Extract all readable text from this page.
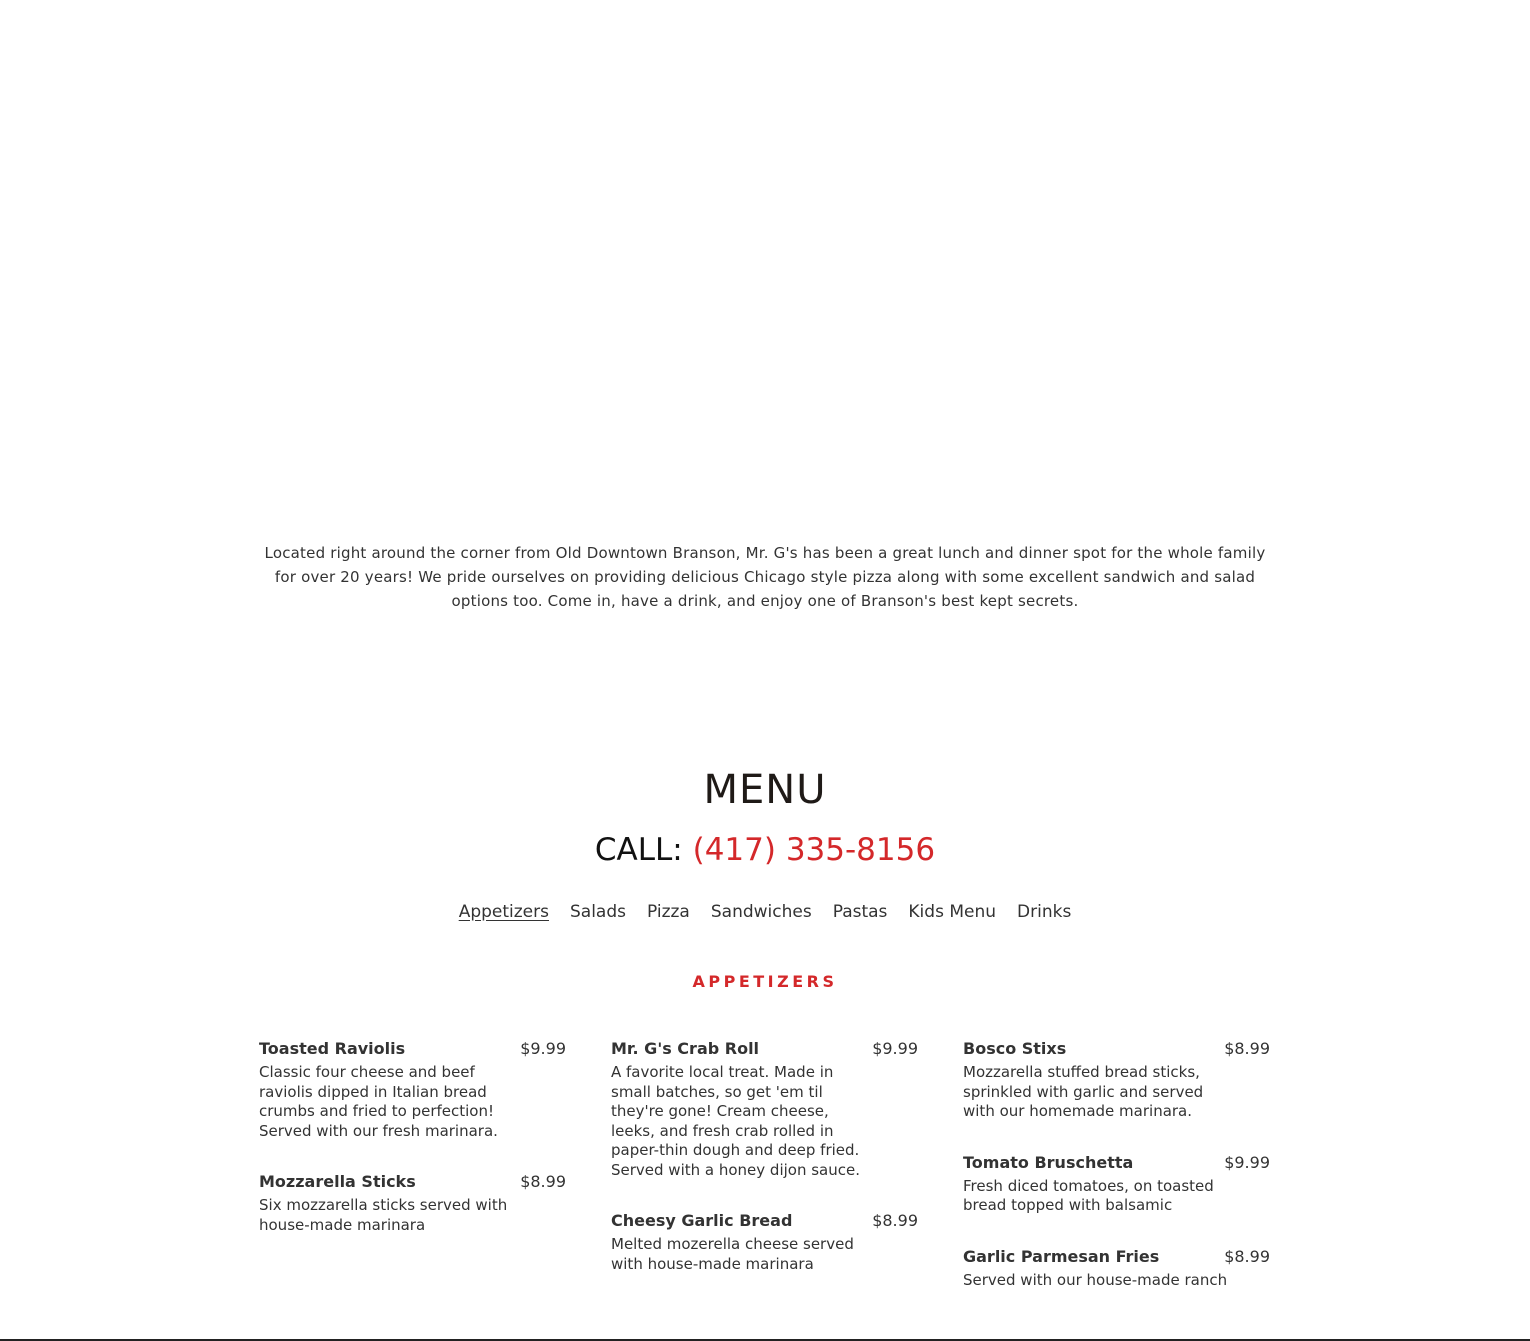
Located right around the corner from Old Downtown Branson, Mr. G's has been a great lunch and dinner spot for the whole family for over 20 years! We pride ourselves on providing delicious Chicago style pizza along with some excellent sandwich and salad options too. Come in, have a drink, and enjoy one of Branson's best kept secrets.

MENU

CALL: (417) 335-8156

Appetizers Salads Pizza Sandwiches Pastas Kids Menu Drinks
APPETIZERS
Toasted Raviolis	$9.99
Classic four cheese and beef raviolis dipped in Italian bread crumbs and fried to perfection! Served with our fresh marinara.
Mozzarella Sticks	$8.99
Six mozzarella sticks served with house-made marinara
Mr. G's Crab Roll	$9.99
A favorite local treat. Made in small batches, so get 'em til they're gone! Cream cheese, leeks, and fresh crab rolled in paper-thin dough and deep fried. Served with a honey dijon sauce.
Cheesy Garlic Bread	$8.99
Melted mozerella cheese served with house-made marinara
Bosco Stixs	$8.99
Mozzarella stuffed bread sticks, sprinkled with garlic and served with our homemade marinara.
Tomato Bruschetta	$9.99
Fresh diced tomatoes, on toasted bread topped with balsamic
Garlic Parmesan Fries	$8.99
Served with our house-made ranch
